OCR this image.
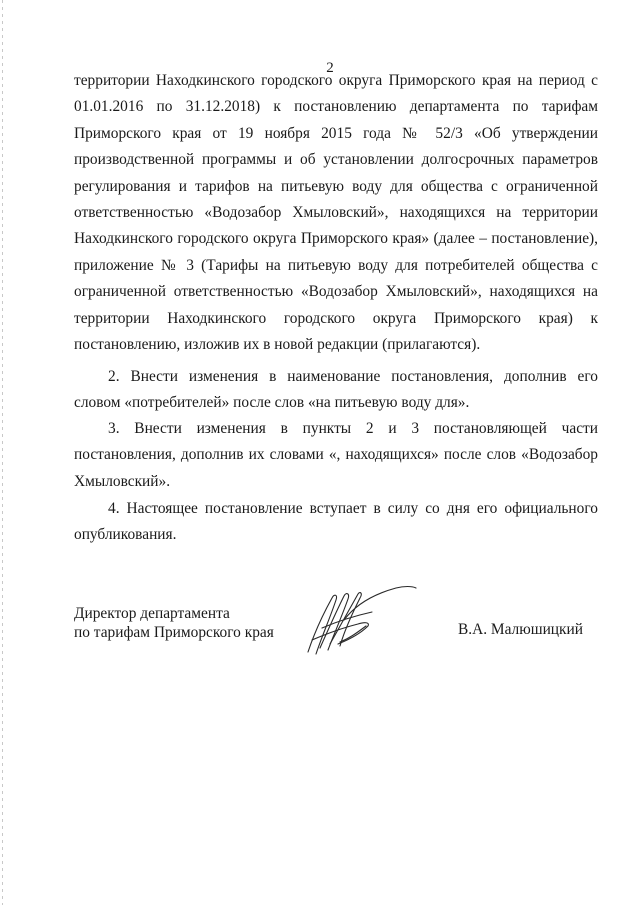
2
территории Находкинского городского округа Приморского края на период с
01.01.2016 по 31.12.2018) к постановлению департамента по тарифам
Приморского края от 19 ноября 2015 года № 52/3 «Об утверждении
производственной программы и об установлении долгосрочных параметров
регулирования и тарифов на питьевую воду для общества с ограниченной
ответственностью «Водозабор Хмыловский», находящихся на территории
Находкинского городского округа Приморского края» (далее – постановление),
приложение № 3 (Тарифы на питьевую воду для потребителей общества с
ограниченной ответственностью «Водозабор Хмыловский», находящихся на
территории Находкинского городского округа Приморского края) к
постановлению, изложив их в новой редакции (прилагаются).
2. Внести изменения в наименование постановления, дополнив его
словом «потребителей» после слов «на питьевую воду для».
3. Внести изменения в пункты 2 и 3 постановляющей части
постановления, дополнив их словами «, находящихся» после слов «Водозабор
Хмыловский».
4. Настоящее постановление вступает в силу со дня его официального
опубликования.
Директор департамента
по тарифам Приморского края	В.А. Малюшицкий
